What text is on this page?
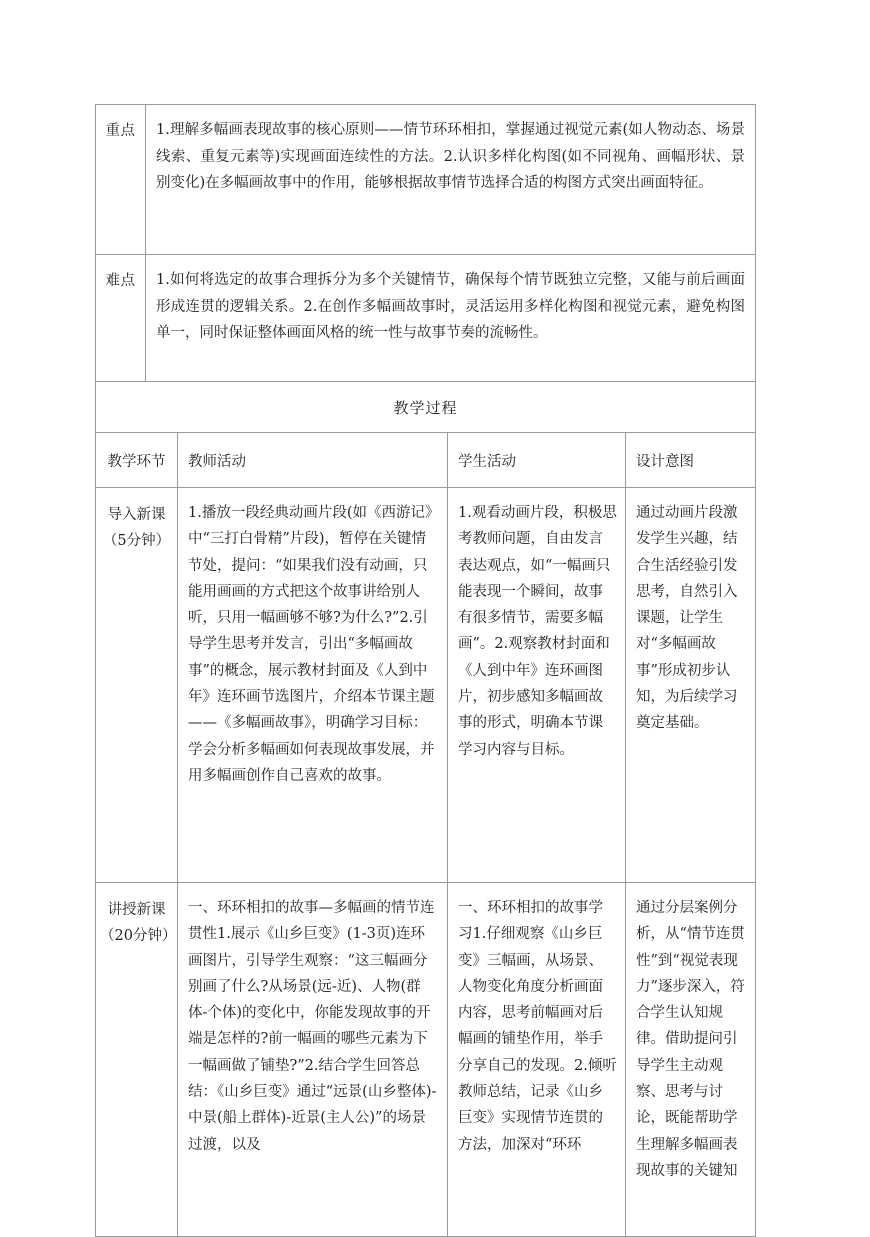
重点	1.理解多幅画表现故事的核心原则——情节环环相扣，掌握通过视觉元素(如人物动态、场景线索、重复元素等)实现画面连续性的方法。2.认识多样化构图(如不同视角、画幅形状、景别变化)在多幅画故事中的作用，能够根据故事情节选择合适的构图方式突出画面特征。			
难点	1.如何将选定的故事合理拆分为多个关键情节，确保每个情节既独立完整，又能与前后画面形成连贯的逻辑关系。2.在创作多幅画故事时，灵活运用多样化构图和视觉元素，避免构图单一，同时保证整体画面风格的统一性与故事节奏的流畅性。			
教学过程				
教学环节		教师活动	学生活动	设计意图
导入新课（5分钟）		1.播放一段经典动画片段(如《西游记》中“三打白骨精”片段)，暂停在关键情节处，提问：“如果我们没有动画，只能用画画的方式把这个故事讲给别人听，只用一幅画够不够?为什么?”2.引导学生思考并发言，引出“多幅画故事”的概念，展示教材封面及《人到中年》连环画节选图片，介绍本节课主题——《多幅画故事》，明确学习目标：学会分析多幅画如何表现故事发展，并用多幅画创作自己喜欢的故事。	1.观看动画片段，积极思考教师问题，自由发言表达观点，如“一幅画只能表现一个瞬间，故事有很多情节，需要多幅画”。2.观察教材封面和《人到中年》连环画图片，初步感知多幅画故事的形式，明确本节课学习内容与目标。	通过动画片段激发学生兴趣，结合生活经验引发思考，自然引入课题，让学生对“多幅画故事”形成初步认知，为后续学习奠定基础。
讲授新课（20分钟）		一、环环相扣的故事—多幅画的情节连贯性1.展示《山乡巨变》(1-3页)连环画图片，引导学生观察：“这三幅画分别画了什么?从场景(远-近)、人物(群体-个体)的变化中，你能发现故事的开端是怎样的?前一幅画的哪些元素为下一幅画做了铺垫?”2.结合学生回答总结：《山乡巨变》通过“远景(山乡整体)-中景(船上群体)-近景(主人公)”的场景过渡，以及	一、环环相扣的故事学习1.仔细观察《山乡巨变》三幅画，从场景、人物变化角度分析画面内容，思考前幅画对后幅画的铺垫作用，举手分享自己的发现。2.倾听教师总结，记录《山乡巨变》实现情节连贯的方法，加深对“环环	通过分层案例分析，从“情节连贯性”到“视觉表现力”逐步深入，符合学生认知规律。借助提问引导学生主动观察、思考与讨论，既能帮助学生理解多幅画表现故事的关键知
